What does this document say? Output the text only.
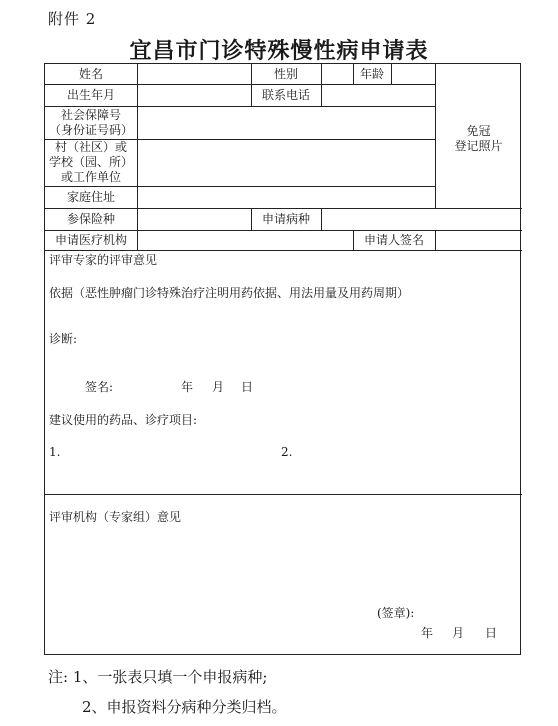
附件 2
宜昌市门诊特殊慢性病申请表
姓名	性别	年龄
出生年月	联系电话
社会保障号
（身份证号码）
村（社区）或
学校（园、所）
或工作单位
家庭住址
免冠
登记照片
参保险种	申请病种
申请医疗机构	申请人签名
评审专家的评审意见
依据（恶性肿瘤门诊特殊治疗注明用药依据、用法用量及用药周期）
诊断:
签名:	年 月 日
建议使用的药品、诊疗项目:
1.	2.
评审机构（专家组）意见
(签章):
年 月 日
注: 1、一张表只填一个申报病种;
2、申报资料分病种分类归档。
